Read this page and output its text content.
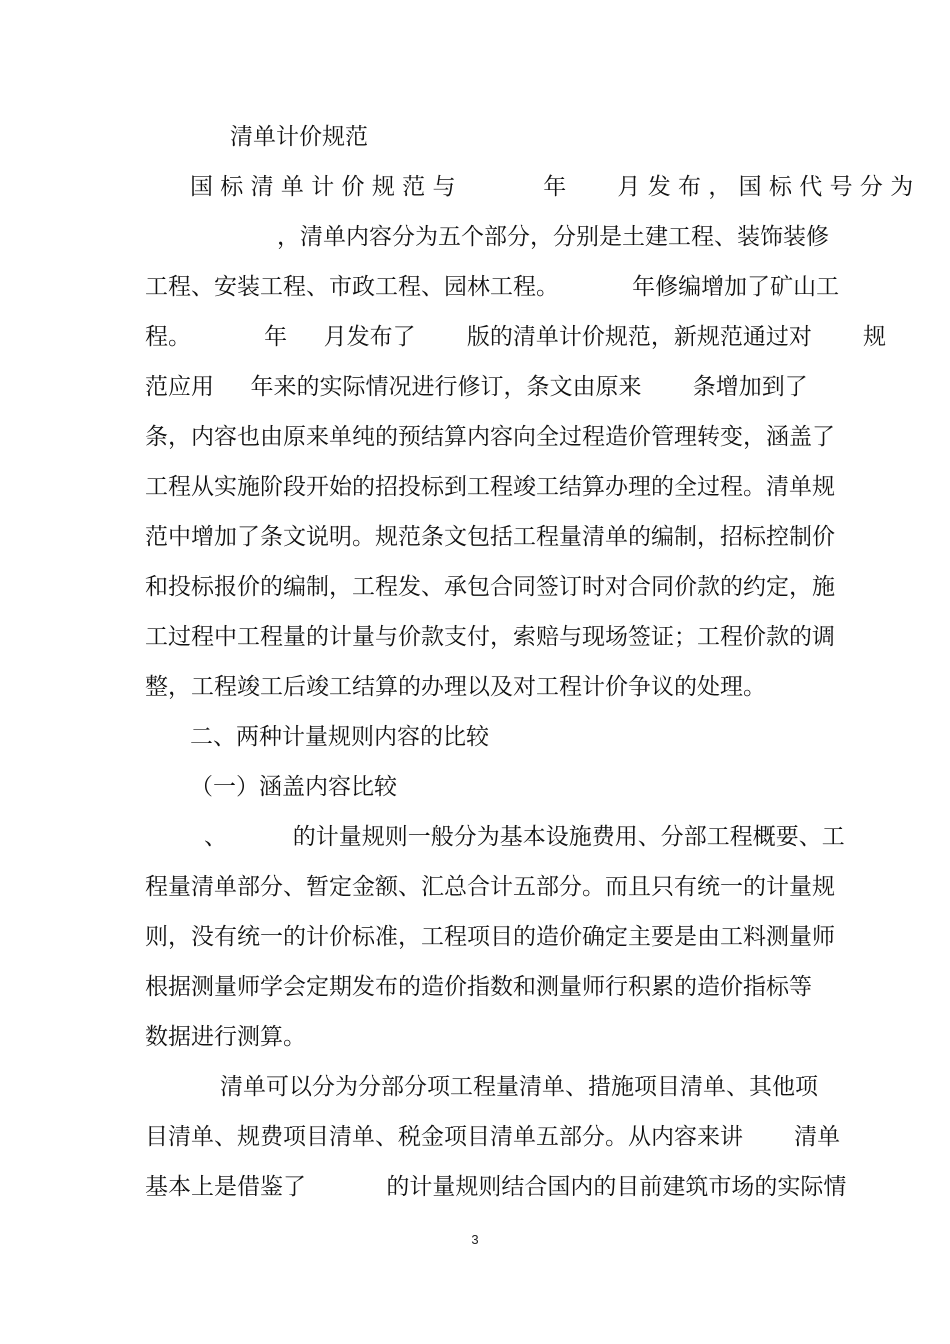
清单计价规范

国 标 清 单 计 价 规 范 与            年       月 发 布 ， 国 标 代 号 分 为

，清单内容分为五个部分，分别是土建工程、装饰装修

工程、安装工程、市政工程、园林工程。          年修编增加了矿山工

程。          年     月发布了       版的清单计价规范，新规范通过对       规

范应用     年来的实际情况进行修订，条文由原来       条增加到了

条，内容也由原来单纯的预结算内容向全过程造价管理转变，涵盖了

工程从实施阶段开始的招投标到工程竣工结算办理的全过程。清单规

范中增加了条文说明。规范条文包括工程量清单的编制，招标控制价

和投标报价的编制，工程发、承包合同签订时对合同价款的约定，施

工过程中工程量的计量与价款支付，索赔与现场签证；工程价款的调

整，工程竣工后竣工结算的办理以及对工程计价争议的处理。

二、两种计量规则内容的比较

（一）涵盖内容比较

、         的计量规则一般分为基本设施费用、分部工程概要、工

程量清单部分、暂定金额、汇总合计五部分。而且只有统一的计量规

则，没有统一的计价标准，工程项目的造价确定主要是由工料测量师

根据测量师学会定期发布的造价指数和测量师行积累的造价指标等

数据进行测算。

清单可以分为分部分项工程量清单、措施项目清单、其他项

目清单、规费项目清单、税金项目清单五部分。从内容来讲       清单

基本上是借鉴了           的计量规则结合国内的目前建筑市场的实际情

3
